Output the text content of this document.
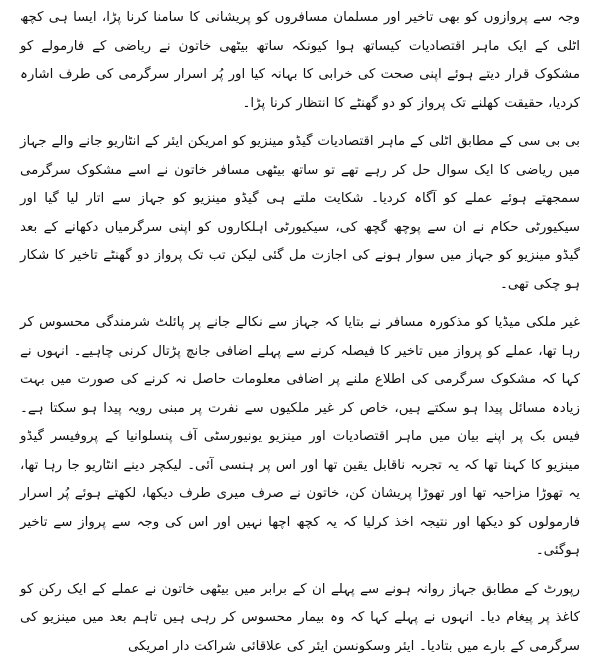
وجہ سے پروازوں کو بھی تاخیر اور مسلمان مسافروں کو پریشانی کا سامنا کرنا پڑا، ایسا ہی کچھ اٹلی کے ایک ماہر اقتصادیات کیساتھ ہوا کیونکہ ساتھ بیٹھی خاتون نے ریاضی کے فارمولے کو مشکوک قرار دیتے ہوئے اپنی صحت کی خرابی کا بہانہ کیا اور پُر اسرار سرگرمی کی طرف اشارہ کردیا، حقیقت کھلنے تک پرواز کو دو گھنٹے کا انتظار کرنا پڑا۔

بی بی سی کے مطابق اٹلی کے ماہر اقتصادیات گیڈو مینزیو کو امریکن ایئر کے انٹاریو جانے والے جہاز میں ریاضی کا ایک سوال حل کر رہے تھے تو ساتھ بیٹھی مسافر خاتون نے اسے مشکوک سرگرمی سمجھتے ہوئے عملے کو آگاہ کردیا۔ شکایت ملتے ہی گیڈو مینزیو کو جہاز سے اتار لیا گیا اور سیکیورٹی حکام نے ان سے پوچھ گچھ کی، سیکیورٹی اہلکاروں کو اپنی سرگرمیاں دکھانے کے بعد گیڈو مینزیو کو جہاز میں سوار ہونے کی اجازت مل گئی لیکن تب تک پرواز دو گھنٹے تاخیر کا شکار ہو چکی تھی۔

غیر ملکی میڈیا کو مذکورہ مسافر نے بتایا کہ جہاز سے نکالے جانے پر پائلٹ شرمندگی محسوس کر رہا تھا، عملے کو پرواز میں تاخیر کا فیصلہ کرنے سے پہلے اضافی جانچ پڑتال کرنی چاہیے۔ انہوں نے کہا کہ مشکوک سرگرمی کی اطلاع ملنے پر اضافی معلومات حاصل نہ کرنے کی صورت میں بہت زیادہ مسائل پیدا ہو سکتے ہیں، خاص کر غیر ملکیوں سے نفرت پر مبنی رویہ پیدا ہو سکتا ہے۔ فیس بک پر اپنے بیان میں ماہر اقتصادیات اور مینزیو یونیورسٹی آف پنسلوانیا کے پروفیسر گیڈو مینزیو کا کہنا تھا کہ یہ تجربہ ناقابل یقین تھا اور اس پر ہنسی آئی۔ لیکچر دینے انٹاریو جا رہا تھا، یہ تھوڑا مزاحیہ تھا اور تھوڑا پریشان کن، خاتون نے صرف میری طرف دیکھا، لکھتے ہوئے پُر اسرار فارمولوں کو دیکھا اور نتیجہ اخذ کرلیا کہ یہ کچھ اچھا نہیں اور اس کی وجہ سے پرواز سے تاخیر ہوگئی۔

رپورٹ کے مطابق جہاز روانہ ہونے سے پہلے ان کے برابر میں بیٹھی خاتون نے عملے کے ایک رکن کو کاغذ پر پیغام دیا۔ انہوں نے پہلے کہا کہ وہ بیمار محسوس کر رہی ہیں تاہم بعد میں مینزیو کی سرگرمی کے بارے میں بتادیا۔ ایئر وسکونسن ایئر کی علاقائی شراکت دار امریکی
